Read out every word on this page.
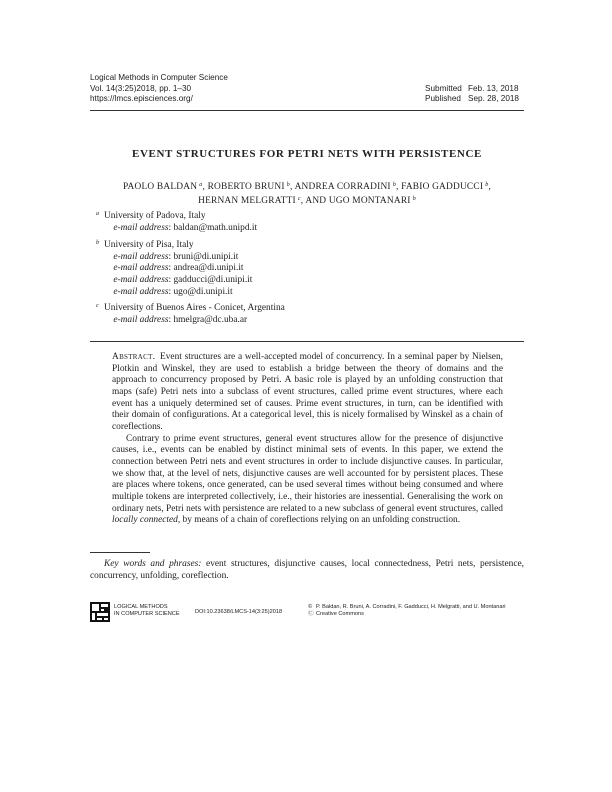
Logical Methods in Computer Science
Vol. 14(3:25)2018, pp. 1–30
https://lmcs.episciences.org/
Submitted Feb. 13, 2018
Published Sep. 28, 2018
EVENT STRUCTURES FOR PETRI NETS WITH PERSISTENCE
PAOLO BALDAN  $^a$, ROBERTO BRUNI  $^b$, ANDREA CORRADINI  $^b$, FABIO GADDUCCI  $^b$,
HERNAN MELGRATTI  $^c$, AND UGO MONTANARI  $^b$
a University of Padova, Italy
 e-mail address: baldan@math.unipd.it
b University of Pisa, Italy
 e-mail address: bruni@di.unipi.it
 e-mail address: andrea@di.unipi.it
 e-mail address: gadducci@di.unipi.it
 e-mail address: ugo@di.unipi.it
c University of Buenos Aires - Conicet, Argentina
 e-mail address: hmelgra@dc.uba.ar

Abstract.  Event structures are a well-accepted model of concurrency. In a seminal paper by Nielsen, Plotkin and Winskel, they are used to establish a bridge between the theory of domains and the approach to concurrency proposed by Petri. A basic role is played by an unfolding construction that maps (safe) Petri nets into a subclass of event structures, called prime event structures, where each event has a uniquely determined set of causes. Prime event structures, in turn, can be identified with their domain of configurations. At a categorical level, this is nicely formalised by Winskel as a chain of coreflections.

Contrary to prime event structures, general event structures allow for the presence of disjunctive causes, i.e., events can be enabled by distinct minimal sets of events. In this paper, we extend the connection between Petri nets and event structures in order to include disjunctive causes. In particular, we show that, at the level of nets, disjunctive causes are well accounted for by persistent places. These are places where tokens, once generated, can be used several times without being consumed and where multiple tokens are interpreted collectively, i.e., their histories are inessential. Generalising the work on ordinary nets, Petri nets with persistence are related to a new subclass of general event structures, called locally connected, by means of a chain of coreflections relying on an unfolding construction.

Key words and phrases: event structures, disjunctive causes, local connectedness, Petri nets, persistence, concurrency, unfolding, coreflection.

LOGICAL METHODS
IN COMPUTER SCIENCE	DOI:10.23638/LMCS-14(3:25)2018
© P. Baldan, R. Bruni, A. Corradini, F. Gadducci, H. Melgratti, and U. Montanari
Ⓒ Creative Commons
